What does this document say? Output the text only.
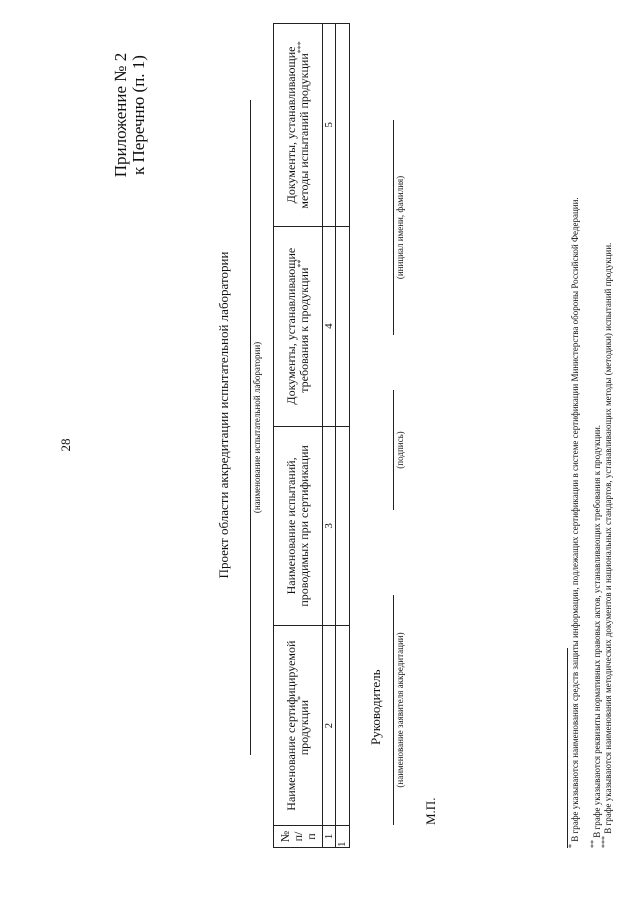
28
Приложение № 2 к Перечню (п. 1)
Проект области аккредитации испытательной лаборатории (наименование испытательной лаборатории)
№ п/п	Наименование сертифицируемой продукции*	Наименование испытаний, проводимых при сертификации	Документы, устанавливающие требования к продукции**	Документы, устанавливающие методы испытаний продукции***
1	2	3	4	5
1				
Руководитель (наименование заявителя аккредитации)
(подпись)
(инициал имени, фамилия)
М.П.
* В графе указываются наименования средств защиты информации, подлежащих сертификации в системе сертификации Министерства обороны Российской Федерации.
** В графе указываются реквизиты нормативных правовых актов, устанавливающих требования к продукции.
*** В графе указываются наименования методических документов и национальных стандартов, устанавливающих методы (методики) испытаний продукции.
